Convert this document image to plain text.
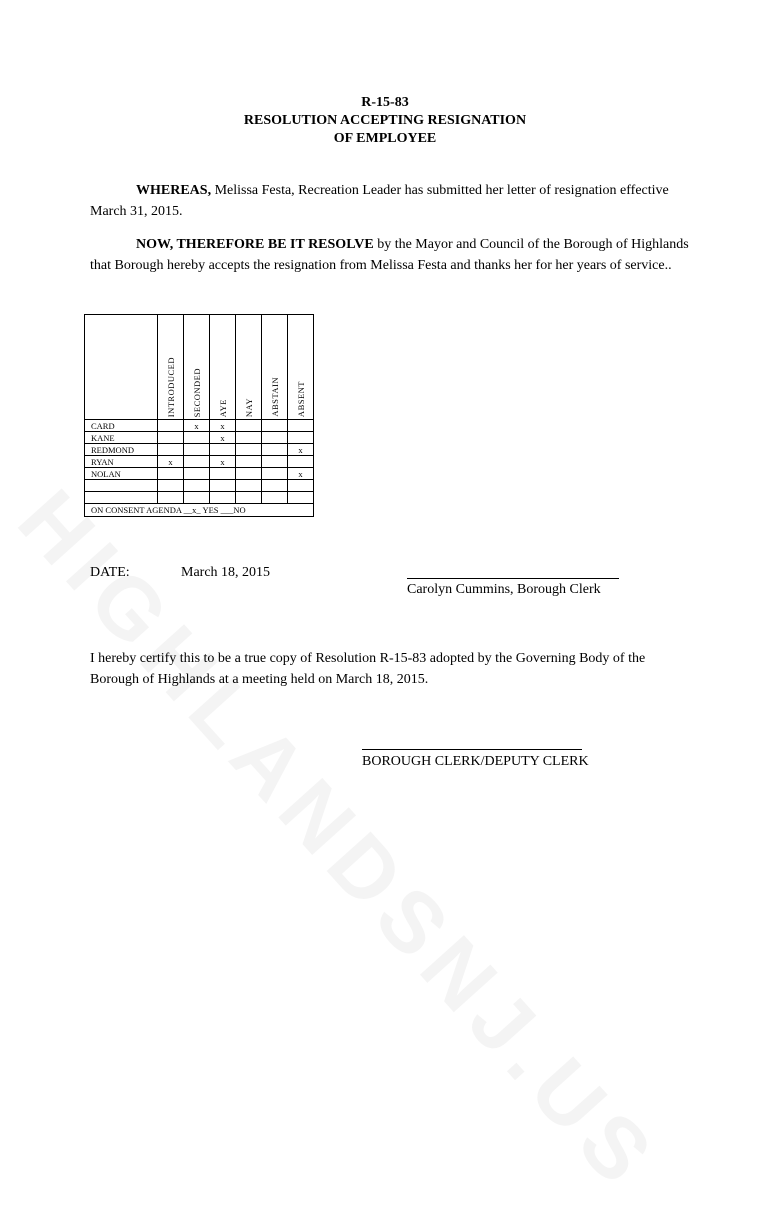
R-15-83
RESOLUTION ACCEPTING RESIGNATION
OF EMPLOYEE
WHEREAS, Melissa Festa, Recreation Leader has submitted her letter of resignation effective March 31, 2015.
NOW, THEREFORE BE IT RESOLVE by the Mayor and Council of the Borough of Highlands that Borough hereby accepts the resignation from Melissa Festa and thanks her for her years of service..
	INTRODUCED	SECONDED	AYE	NAY	ABSTAIN	ABSENT
CARD		x	x			
KANE			x			
REDMOND						x
RYAN	x		x			
NOLAN						x

ON CONSENT AGENDA __x_ YES ___NO						
DATE:	March 18, 2015
Carolyn Cummins, Borough Clerk
I hereby certify this to be a true copy of Resolution R-15-83 adopted by the Governing Body of the Borough of Highlands at a meeting held on March 18, 2015.
BOROUGH CLERK/DEPUTY CLERK
